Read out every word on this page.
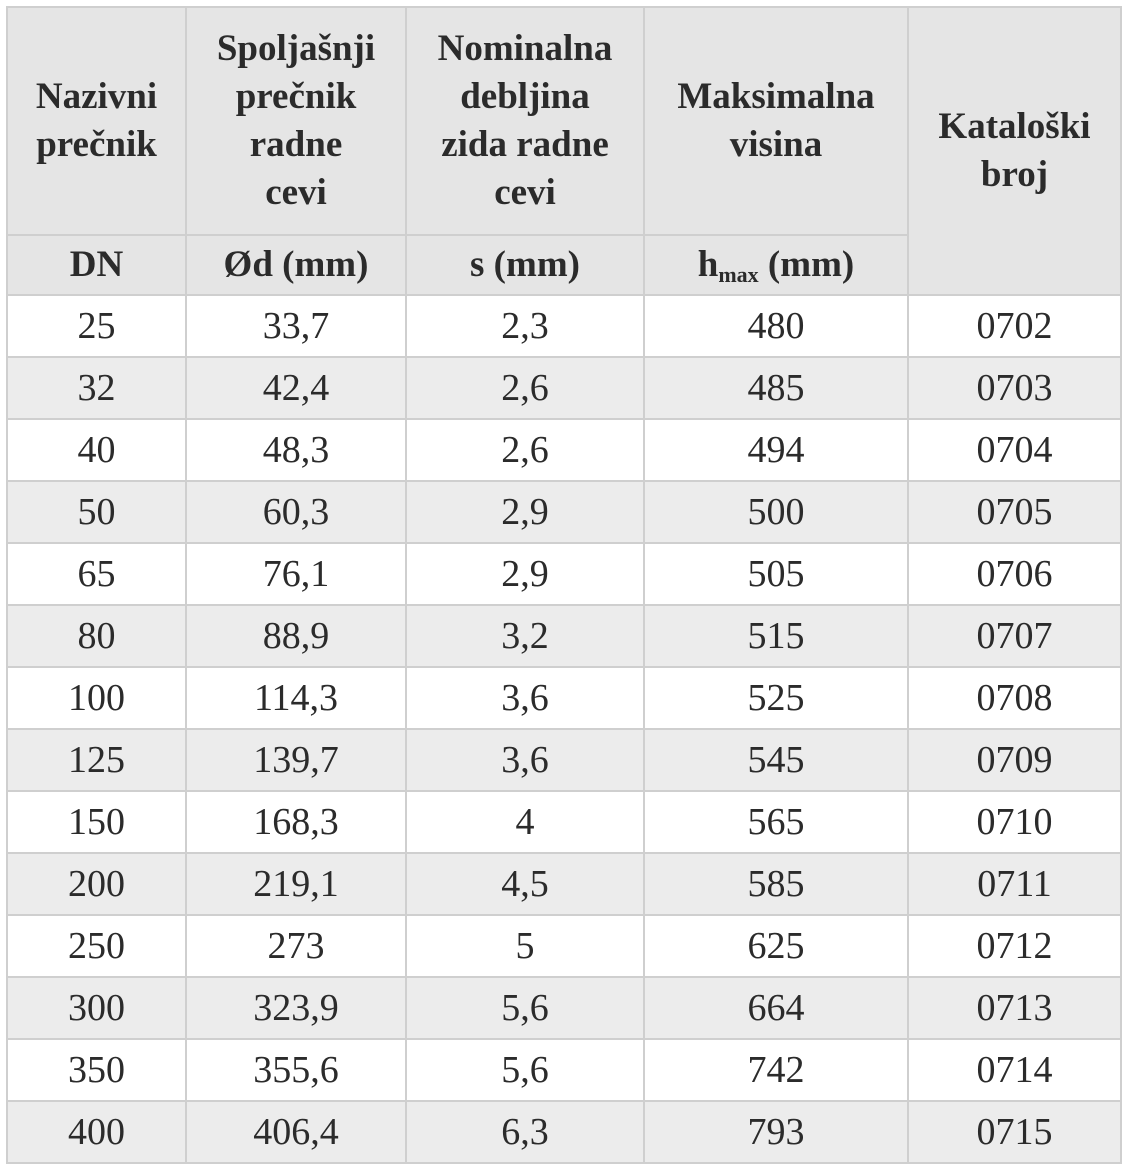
Nazivni
prečnik	Spoljašnji
prečnik
radne
cevi	Nominalna
debljina
zida radne
cevi	Maksimalna
visina	Kataloški
broj

DN	Ød (mm)	s (mm)	$h_{max}$ (mm)	
25	33,7	2,3	480	0702
32	42,4	2,6	485	0703
40	48,3	2,6	494	0704
50	60,3	2,9	500	0705
65	76,1	2,9	505	0706
80	88,9	3,2	515	0707
100	114,3	3,6	525	0708
125	139,7	3,6	545	0709
150	168,3	4	565	0710
200	219,1	4,5	585	0711
250	273	5	625	0712
300	323,9	5,6	664	0713
350	355,6	5,6	742	0714
400	406,4	6,3	793	0715
